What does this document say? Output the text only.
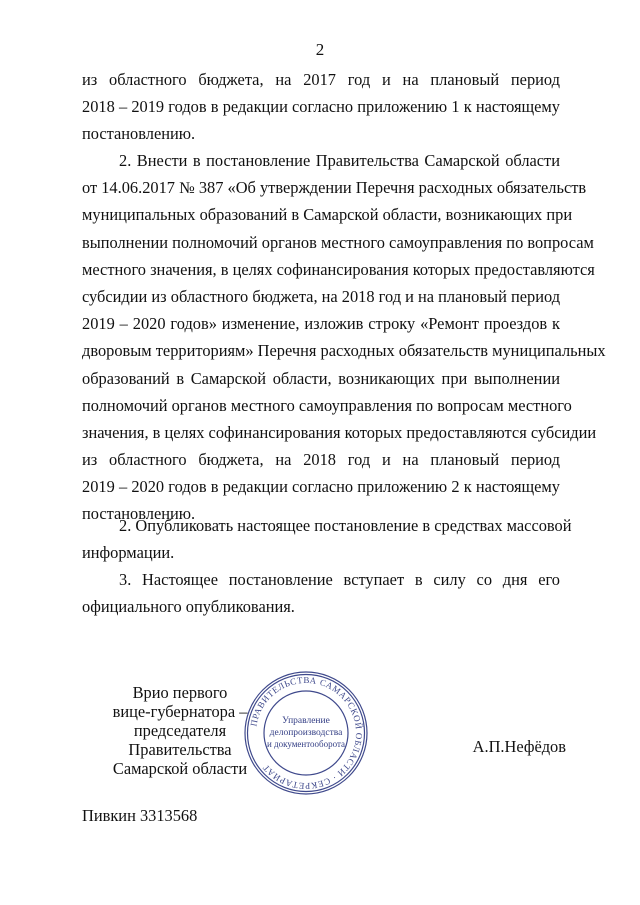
2
из областного бюджета, на 2017 год и на плановый период
2018 – 2019 годов в редакции согласно приложению 1 к настоящему
постановлению.
2. Внести в постановление Правительства Самарской области
от 14.06.2017 № 387 «Об утверждении Перечня расходных обязательств
муниципальных образований в Самарской области, возникающих при
выполнении полномочий органов местного самоуправления по вопросам
местного значения, в целях софинансирования которых предоставляются
субсидии из областного бюджета, на 2018 год и на плановый период
2019 – 2020 годов» изменение, изложив строку «Ремонт проездов к
дворовым территориям» Перечня расходных обязательств муниципальных
образований в Самарской области, возникающих при выполнении
полномочий органов местного самоуправления по вопросам местного
значения, в целях софинансирования которых предоставляются субсидии
из областного бюджета, на 2018 год и на плановый период
2019 – 2020 годов в редакции согласно приложению 2 к настоящему
постановлению.
2. Опубликовать настоящее постановление в средствах массовой
информации.
3. Настоящее постановление вступает в силу со дня его
официального опубликования.
Врио первого
вице-губернатора –
председателя Правительства
Самарской области
ПРАВИТЕЛЬСТВА САМАРСКОЙ ОБЛАСТИ · СЕКРЕТАРИАТ
Управление
делопроизводства
и документооборота	А.П.Нефёдов
Пивкин 3313568
